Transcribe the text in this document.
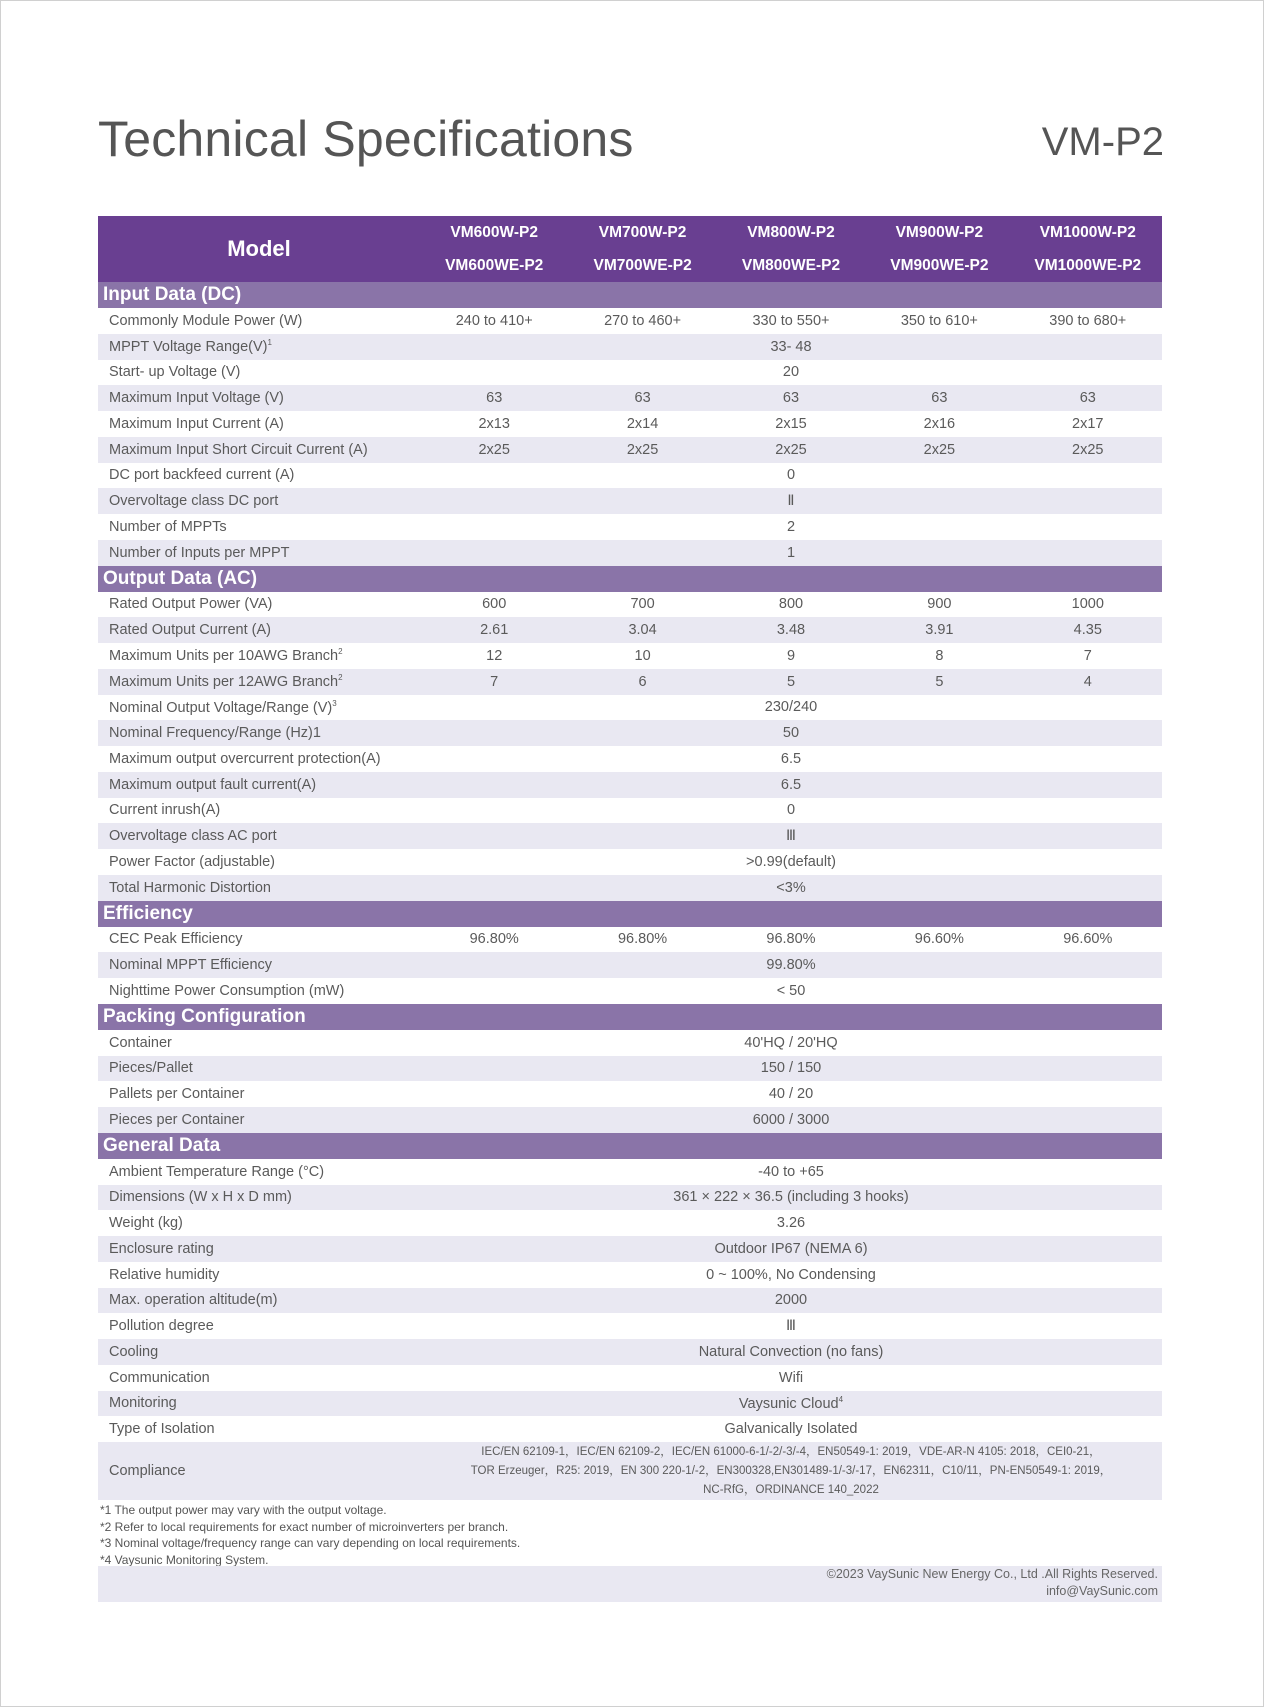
Technical Specifications	VM-P2
Model	VM600W-P2	VM700W-P2	VM800W-P2	VM900W-P2	VM1000W-P2
	VM600WE-P2	VM700WE-P2	VM800WE-P2	VM900WE-P2	VM1000WE-P2
Input Data (DC)					
Commonly Module Power (W)	240 to 410+	270 to 460+	330 to 550+	350 to 610+	390 to 680+
MPPT Voltage $Range(V)^1$	33- 48				
Start- up Voltage (V)	20				
Maximum Input Voltage (V)	63	63	63	63	63
Maximum Input Current (A)	2x13	2x14	2x15	2x16	2x17
Maximum Input Short Circuit Current (A)	2x25	2x25	2x25	2x25	2x25
DC port backfeed current (A)	0				
Overvoltage class DC port	Ⅱ				
Number of MPPTs	2				
Number of Inputs per MPPT	1				
Output Data (AC)					
Rated Output Power (VA)	600	700	800	900	1000
Rated Output Current (A)	2.61	3.04	3.48	3.91	4.35
Maximum Units per 10AWG Branch$^2$	12	10	9	8	7
Maximum Units per 12AWG Branch$^2$	7	6	5	5	4
Nominal Output Voltage/Range $(V)^3$	230/240				
Nominal Frequency/Range (Hz)1	50				
Maximum output overcurrent protection(A)	6.5				
Maximum output fault current(A)	6.5				
Current inrush(A)	0				
Overvoltage class AC port	Ⅲ				
Power Factor (adjustable)	>0.99(default)				
Total Harmonic Distortion	<3%				
Efficiency					
CEC Peak Efficiency	96.80%	96.80%	96.80%	96.60%	96.60%
Nominal MPPT Efficiency	99.80%				
Nighttime Power Consumption (mW)	< 50				
Packing Configuration					
Container	40'HQ / 20'HQ				
Pieces/Pallet	150 / 150				
Pallets per Container	40 / 20				
Pieces per Container	6000 / 3000				
General Data					
Ambient Temperature Range (°C)	-40 to +65				
Dimensions (W x H x D mm)	361 × 222 × 36.5 (including 3 hooks)				
Weight (kg)	3.26				
Enclosure rating	Outdoor IP67 (NEMA 6)				
Relative humidity	0 ~ 100%, No Condensing				
Max. operation altitude(m)	2000				
Pollution degree	Ⅲ				
Cooling	Natural Convection (no fans)				
Communication	Wifi				
Monitoring	Vaysunic Cloud$^4$
Type of Isolation	Galvanically Isolated				
Compliance	IEC/EN 62109-1，IEC/EN 62109-2，IEC/EN 61000-6-1/-2/-3/-4，EN50549-1: 2019，VDE-AR-N 4105: 2018，CEI0-21，
TOR Erzeuger，R25: 2019，EN 300 220-1/-2，EN300328,EN301489-1/-3/-17，EN62311，C10/11，PN-EN50549-1: 2019，
NC-RfG，ORDINANCE 140_2022				
*1 The output power may vary with the output voltage.
*2 Refer to local requirements for exact number of microinverters per branch.
*3 Nominal voltage/frequency range can vary depending on local requirements.
*4 Vaysunic Monitoring System.
©2023 VaySunic New Energy Co., Ltd .All Rights Reserved.
info@VaySunic.com
